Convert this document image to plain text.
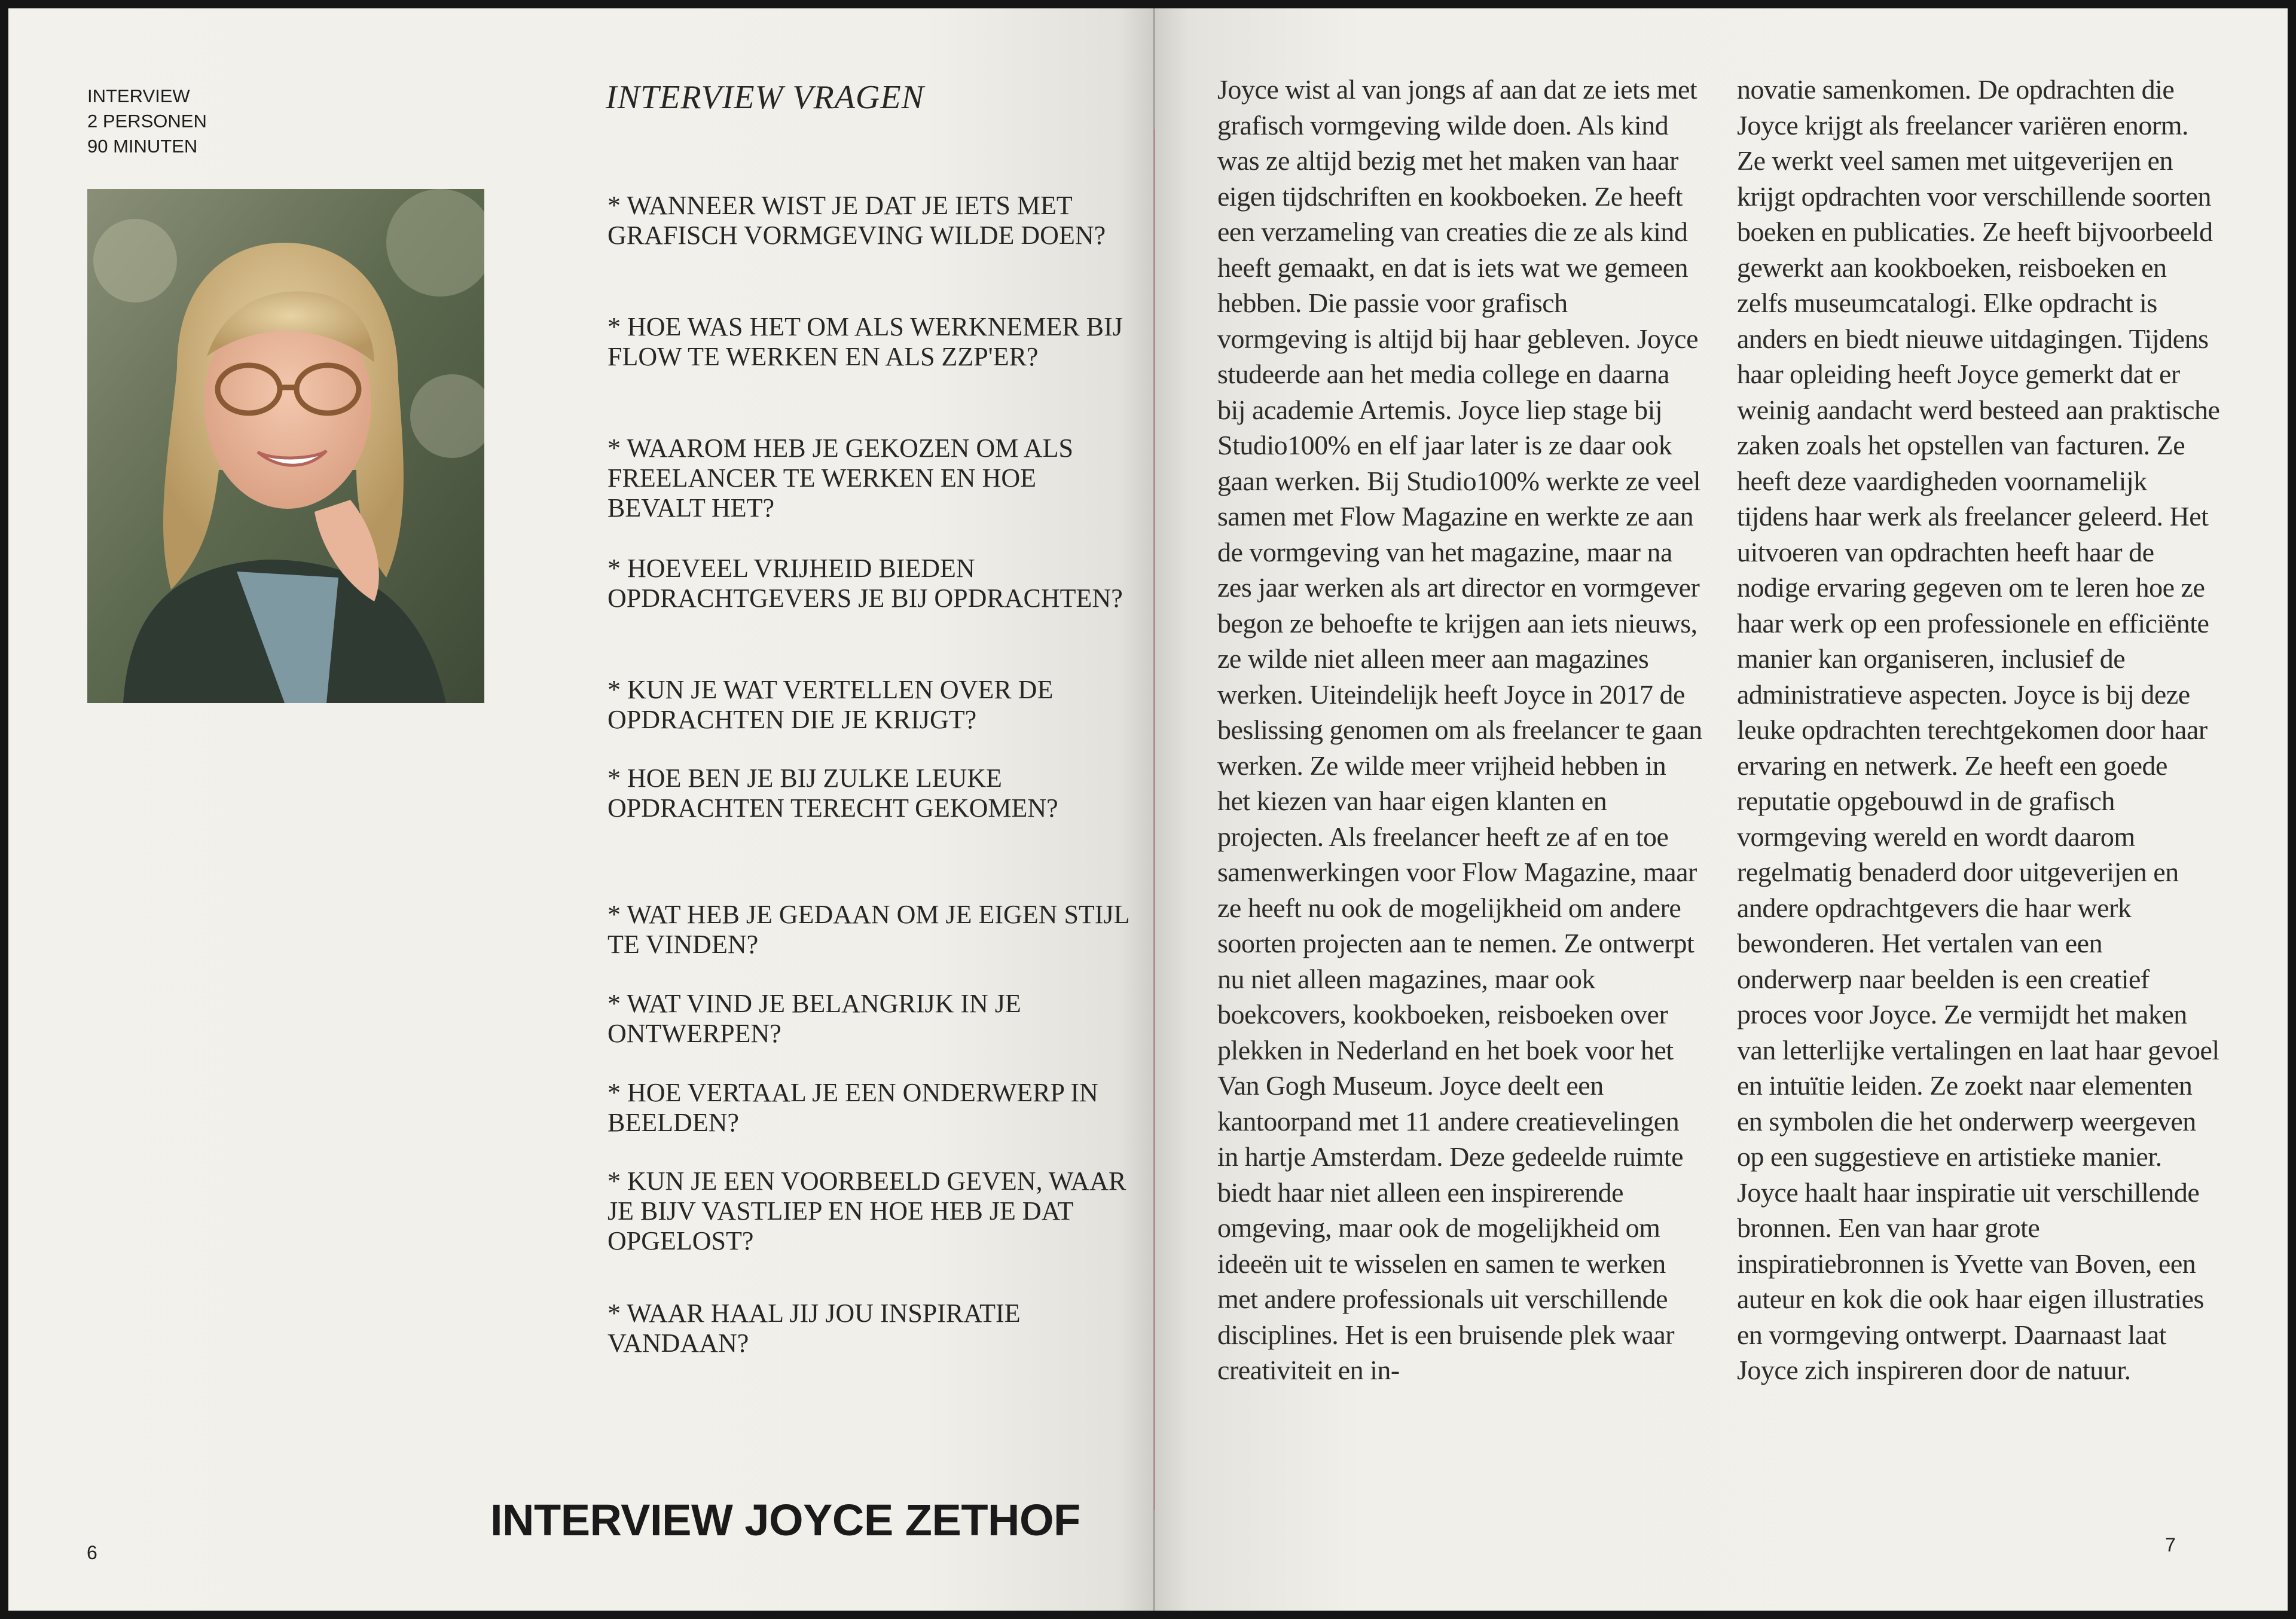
INTERVIEW
2 PERSONEN
90 MINUTEN
INTERVIEW VRAGEN

* WANNEER WIST JE DAT JE IETS MET GRAFISCH VORMGEVING WILDE DOEN?

* HOE WAS HET OM ALS WERKNEMER BIJ FLOW TE WERKEN EN ALS ZZP'ER?

* WAAROM HEB JE GEKOZEN OM ALS FREELANCER TE WERKEN EN HOE BEVALT HET?

* HOEVEEL VRIJHEID BIEDEN OPDRACHTGEVERS JE BIJ OPDRACHTEN?

* KUN JE WAT VERTELLEN OVER DE OPDRACHTEN DIE JE KRIJGT?

* HOE BEN JE BIJ ZULKE LEUKE OPDRACHTEN TERECHT GEKOMEN?

* WAT HEB JE GEDAAN OM JE EIGEN STIJL TE VINDEN?

* WAT VIND JE BELANGRIJK IN JE ONTWERPEN?

* HOE VERTAAL JE EEN ONDERWERP IN BEELDEN?

* KUN JE EEN VOORBEELD GEVEN, WAAR JE BIJV VASTLIEP EN HOE HEB JE DAT OPGELOST?

* WAAR HAAL JIJ JOU INSPIRATIE VANDAAN?

INTERVIEW JOYCE ZETHOF
6

Joyce wist al van jongs af aan dat ze iets met grafisch vormgeving wilde doen. Als kind was ze altijd bezig met het maken van haar eigen tijdschriften en kookboeken. Ze heeft een verzameling van creaties die ze als kind heeft gemaakt, en dat is iets wat we gemeen hebben. Die passie voor grafisch vormgeving is altijd bij haar gebleven. Joyce studeerde aan het media college en daarna bij academie Artemis. Joyce liep stage bij Studio100% en elf jaar later is ze daar ook gaan werken. Bij Studio100% werkte ze veel samen met Flow Magazine en werkte ze aan de vormgeving van het magazine, maar na zes jaar werken als art director en vormgever begon ze behoefte te krijgen aan iets nieuws, ze wilde niet alleen meer aan magazines werken. Uiteindelijk heeft Joyce in 2017 de beslissing genomen om als freelancer te gaan werken. Ze wilde meer vrijheid hebben in het kiezen van haar eigen klanten en projecten. Als freelancer heeft ze af en toe samenwerkingen voor Flow Magazine, maar ze heeft nu ook de mogelijkheid om andere soorten projecten aan te nemen. Ze ontwerpt nu niet alleen magazines, maar ook boekcovers, kookboeken, reisboeken over plekken in Nederland en het boek voor het Van Gogh Museum. Joyce deelt een kantoorpand met 11 andere creatievelingen in hartje Amsterdam. Deze gedeelde ruimte biedt haar niet alleen een inspirerende omgeving, maar ook de mogelijkheid om ideeën uit te wisselen en samen te werken met andere professionals uit verschillende disciplines. Het is een bruisende plek waar creativiteit en in-

novatie samenkomen. De opdrachten die Joyce krijgt als freelancer variëren enorm. Ze werkt veel samen met uitgeverijen en krijgt opdrachten voor verschillende soorten boeken en publicaties. Ze heeft bijvoorbeeld gewerkt aan kookboeken, reisboeken en zelfs museumcatalogi. Elke opdracht is anders en biedt nieuwe uitdagingen. Tijdens haar opleiding heeft Joyce gemerkt dat er weinig aandacht werd besteed aan praktische zaken zoals het opstellen van facturen. Ze heeft deze vaardigheden voornamelijk tijdens haar werk als freelancer geleerd. Het uitvoeren van opdrachten heeft haar de nodige ervaring gegeven om te leren hoe ze haar werk op een professionele en efficiënte manier kan organiseren, inclusief de administratieve aspecten. Joyce is bij deze leuke opdrachten terechtgekomen door haar ervaring en netwerk. Ze heeft een goede reputatie opgebouwd in de grafisch vormgeving wereld en wordt daarom regelmatig benaderd door uitgeverijen en andere opdrachtgevers die haar werk bewonderen. Het vertalen van een onderwerp naar beelden is een creatief proces voor Joyce. Ze vermijdt het maken van letterlijke vertalingen en laat haar gevoel en intuïtie leiden. Ze zoekt naar elementen en symbolen die het onderwerp weergeven op een suggestieve en artistieke manier. Joyce haalt haar inspiratie uit verschillende bronnen. Een van haar grote inspiratiebronnen is Yvette van Boven, een auteur en kok die ook haar eigen illustraties en vormgeving ontwerpt. Daarnaast laat Joyce zich inspireren door de natuur.

7
